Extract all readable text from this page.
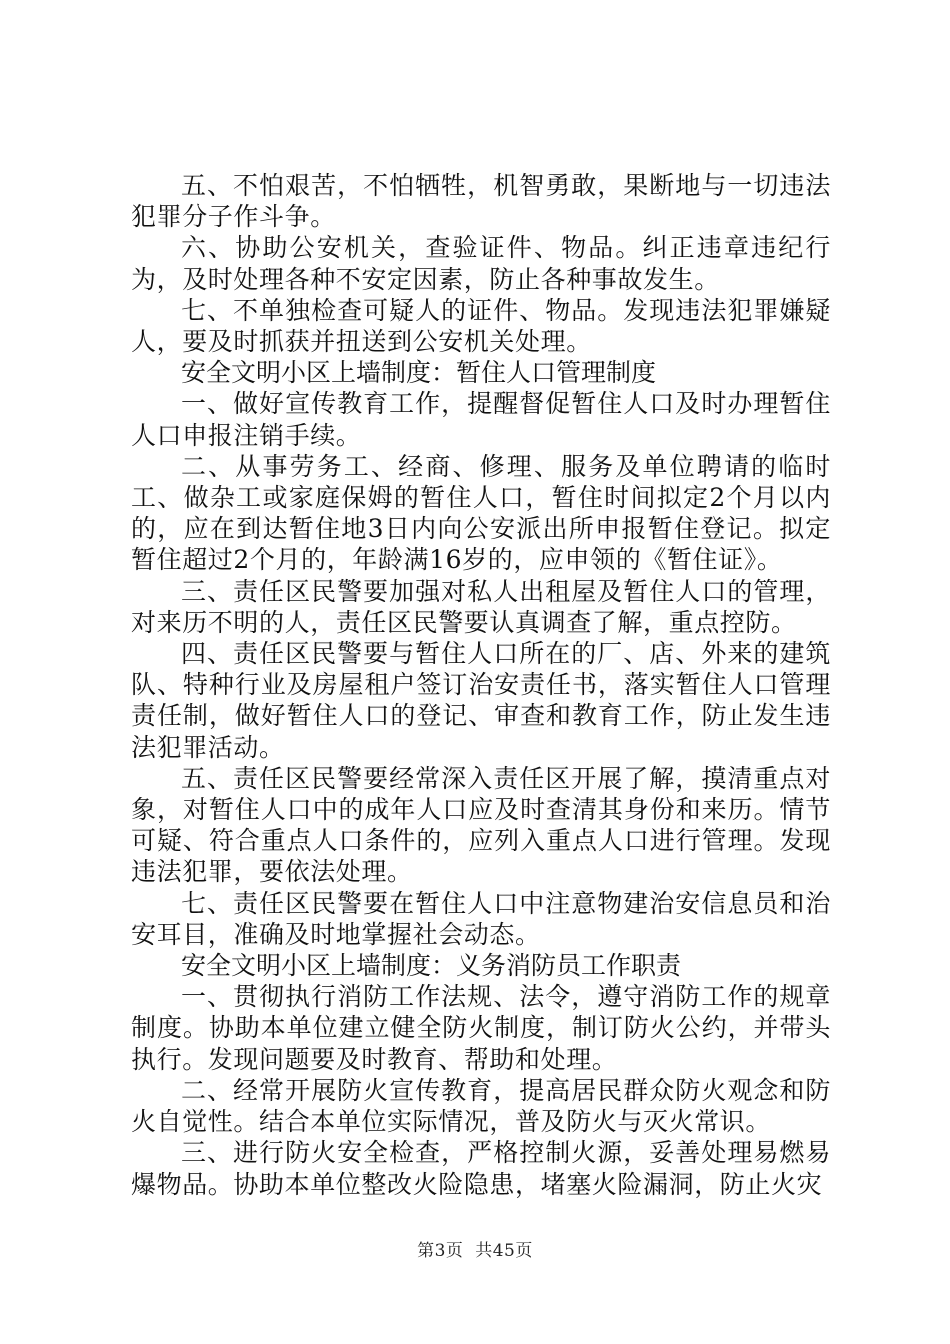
五、不怕艰苦，不怕牺牲，机智勇敢，果断地与一切违法犯罪分子作斗争。

六、协助公安机关，查验证件、物品。纠正违章违纪行为，及时处理各种不安定因素，防止各种事故发生。

七、不单独检查可疑人的证件、物品。发现违法犯罪嫌疑人，要及时抓获并扭送到公安机关处理。

安全文明小区上墙制度：暂住人口管理制度

一、做好宣传教育工作，提醒督促暂住人口及时办理暂住人口申报注销手续。

二、从事劳务工、经商、修理、服务及单位聘请的临时工、做杂工或家庭保姆的暂住人口，暂住时间拟定2个月以内的，应在到达暂住地3日内向公安派出所申报暂住登记。拟定暂住超过2个月的，年龄满16岁的，应申领的《暂住证》。

三、责任区民警要加强对私人出租屋及暂住人口的管理，对来历不明的人，责任区民警要认真调查了解，重点控防。

四、责任区民警要与暂住人口所在的厂、店、外来的建筑队、特种行业及房屋租户签订治安责任书，落实暂住人口管理责任制，做好暂住人口的登记、审查和教育工作，防止发生违法犯罪活动。

五、责任区民警要经常深入责任区开展了解，摸清重点对象，对暂住人口中的成年人口应及时查清其身份和来历。情节可疑、符合重点人口条件的，应列入重点人口进行管理。发现违法犯罪，要依法处理。

七、责任区民警要在暂住人口中注意物建治安信息员和治安耳目，准确及时地掌握社会动态。

安全文明小区上墙制度：义务消防员工作职责

一、贯彻执行消防工作法规、法令，遵守消防工作的规章制度。协助本单位建立健全防火制度，制订防火公约，并带头执行。发现问题要及时教育、帮助和处理。

二、经常开展防火宣传教育，提高居民群众防火观念和防火自觉性。结合本单位实际情况，普及防火与灭火常识。

三、进行防火安全检查，严格控制火源，妥善处理易燃易爆物品。协助本单位整改火险隐患，堵塞火险漏洞，防止火灾

第3页  共45页
